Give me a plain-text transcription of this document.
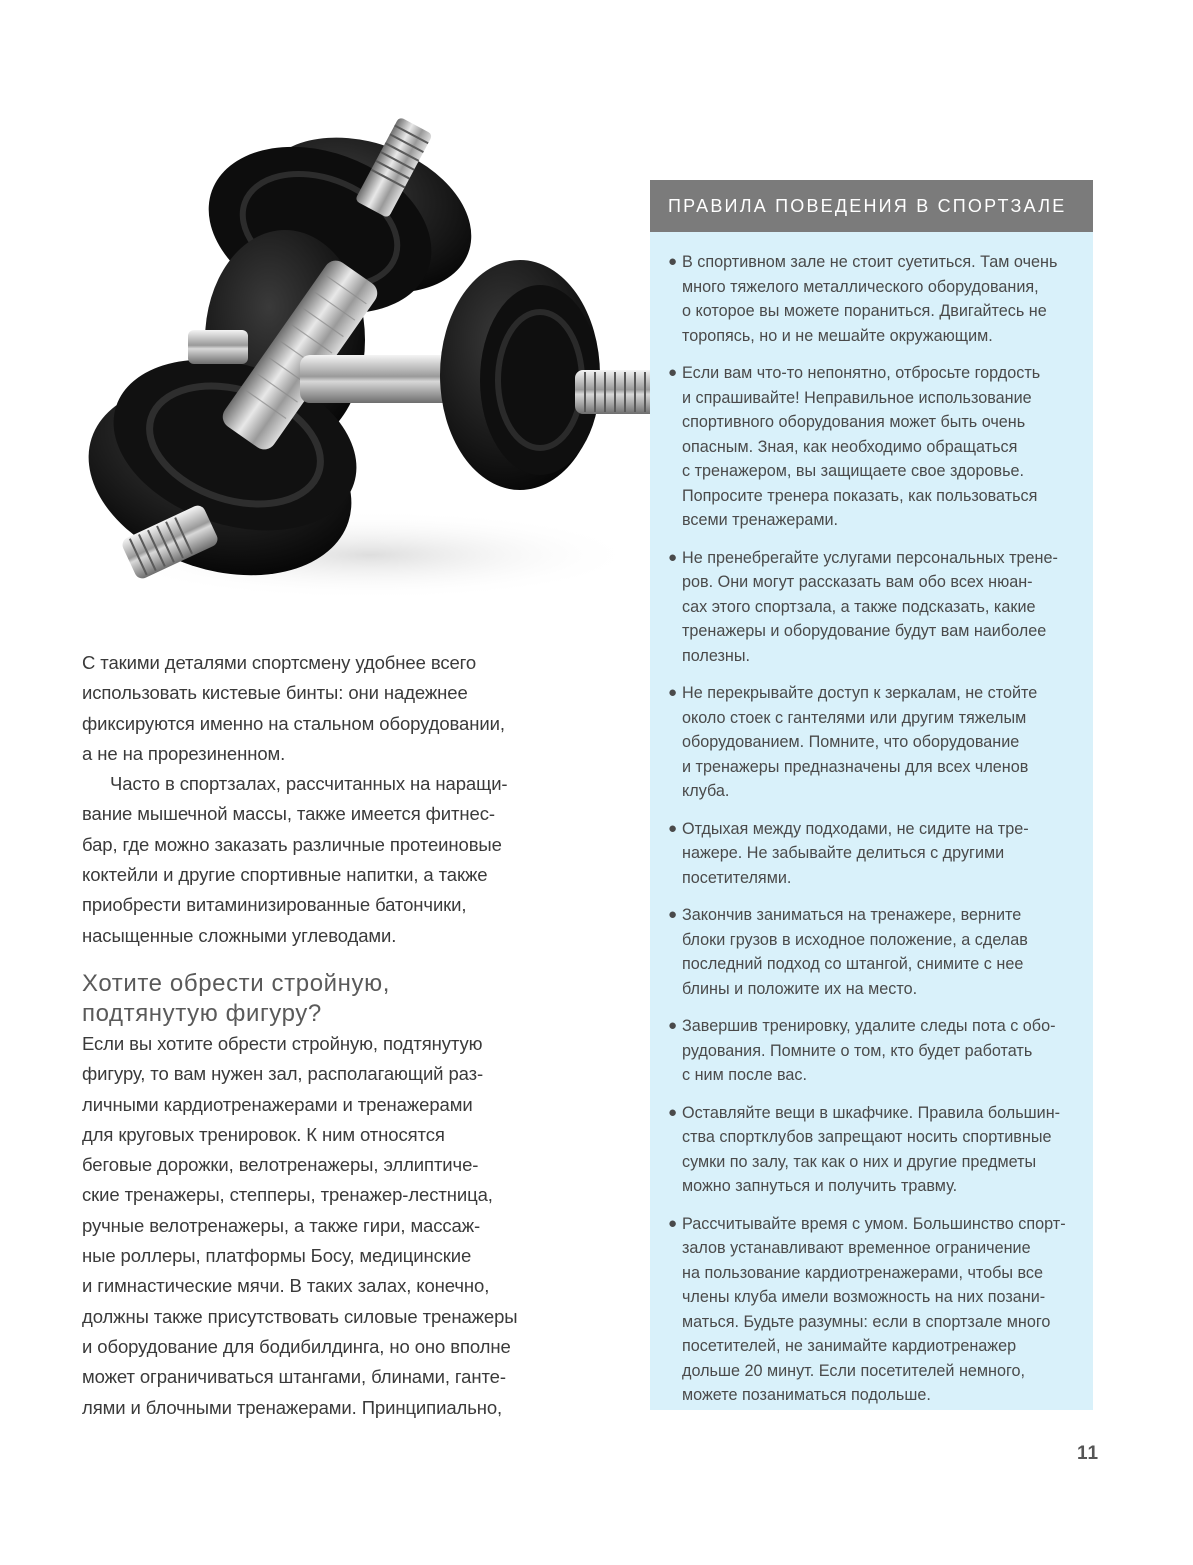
С такими деталями спортсмену удобнее всего
использовать кистевые бинты: они надежнее
фиксируются именно на стальном оборудовании,
а не на прорезиненном.

Часто в спортзалах, рассчитанных на наращи-
вание мышечной массы, также имеется фитнес-
бар, где можно заказать различные протеиновые
коктейли и другие спортивные напитки, а также
приобрести витаминизированные батончики,
насыщенные сложными углеводами.

Хотите обрести стройную,
подтянутую фигуру?

Если вы хотите обрести стройную, подтянутую
фигуру, то вам нужен зал, располагающий раз-
личными кардиотренажерами и тренажерами
для круговых тренировок. К ним относятся
беговые дорожки, велотренажеры, эллиптиче-
ские тренажеры, степперы, тренажер-лестница,
ручные велотренажеры, а также гири, массаж-
ные роллеры, платформы Босу, медицинские
и гимнастические мячи. В таких залах, конечно,
должны также присутствовать силовые тренажеры
и оборудование для бодибилдинга, но оно вполне
может ограничиваться штангами, блинами, ганте-
лями и блочными тренажерами. Принципиально,

ПРАВИЛА ПОВЕДЕНИЯ В СПОРТЗАЛЕ
● В спортивном зале не стоит суетиться. Там очень
много тяжелого металлического оборудования,
о которое вы можете пораниться. Двигайтесь не
торопясь, но и не мешайте окружающим.
● Если вам что-то непонятно, отбросьте гордость
и спрашивайте! Неправильное использование
спортивного оборудования может быть очень
опасным. Зная, как необходимо обращаться
с тренажером, вы защищаете свое здоровье.
Попросите тренера показать, как пользоваться
всеми тренажерами.
● Не пренебрегайте услугами персональных трене-
ров. Они могут рассказать вам обо всех нюан-
сах этого спортзала, а также подсказать, какие
тренажеры и оборудование будут вам наиболее
полезны.
● Не перекрывайте доступ к зеркалам, не стойте
около стоек с гантелями или другим тяжелым
оборудованием. Помните, что оборудование
и тренажеры предназначены для всех членов
клуба.
● Отдыхая между подходами, не сидите на тре-
нажере. Не забывайте делиться с другими
посетителями.
● Закончив заниматься на тренажере, верните
блоки грузов в исходное положение, а сделав
последний подход со штангой, снимите с нее
блины и положите их на место.
● Завершив тренировку, удалите следы пота с обо-
рудования. Помните о том, кто будет работать
с ним после вас.
● Оставляйте вещи в шкафчике. Правила большин-
ства спортклубов запрещают носить спортивные
сумки по залу, так как о них и другие предметы
можно запнуться и получить травму.
● Рассчитывайте время с умом. Большинство спорт-
залов устанавливают временное ограничение
на пользование кардиотренажерами, чтобы все
члены клуба имели возможность на них позани-
маться. Будьте разумны: если в спортзале много
посетителей, не занимайте кардиотренажер
дольше 20 минут. Если посетителей немного,
можете позаниматься подольше.
11
